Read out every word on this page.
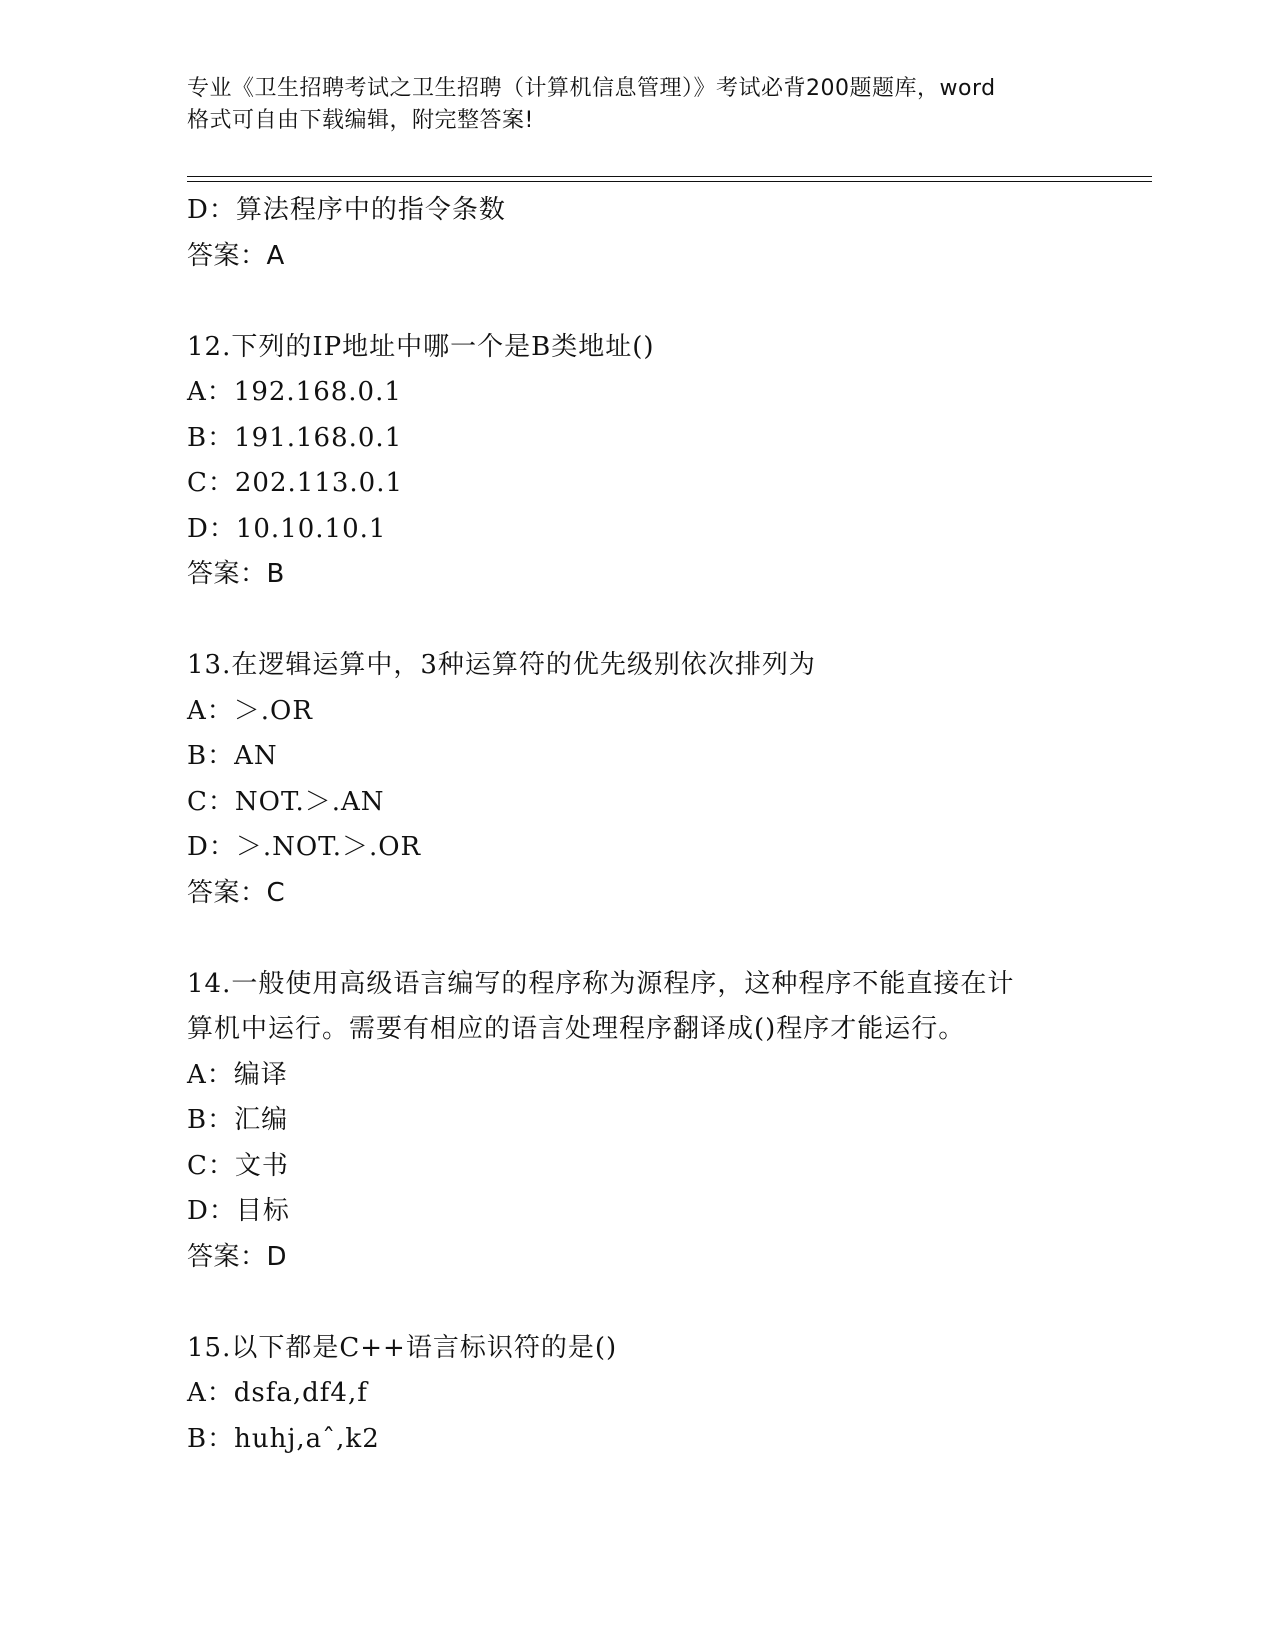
专业《卫生招聘考试之卫生招聘（计算机信息管理）》考试必背200题题库，word
格式可自由下载编辑，附完整答案!
D：算法程序中的指令条数
答案：A
12.下列的IP地址中哪一个是B类地址()
A：192.168.0.1
B：191.168.0.1
C：202.113.0.1
D：10.10.10.1
答案：B
13.在逻辑运算中，3种运算符的优先级别依次排列为
A：＞.OR
B：AN
C：NOT.＞.AN
D：＞.NOT.＞.OR
答案：C
14.一般使用高级语言编写的程序称为源程序，这种程序不能直接在计
算机中运行。需要有相应的语言处理程序翻译成()程序才能运行。
A：编译
B：汇编
C：文书
D：目标
答案：D
15.以下都是C++语言标识符的是()
A：dsfa,df4,f
B：huhj,aˆ,k2
